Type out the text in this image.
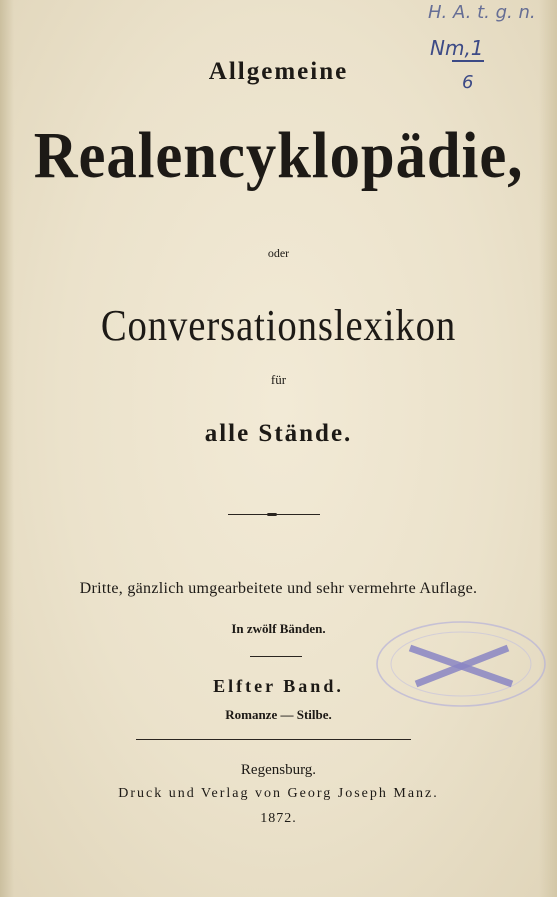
H. A. t. g. n.
Nm,1
6
Allgemeine
Realencyklopädie,
oder
Conversationslexikon
für
alle Stände.
Dritte, gänzlich umgearbeitete und sehr vermehrte Auflage.
In zwölf Bänden.
Elfter Band.
Romanze — Stilbe.
Regensburg.
Druck und Verlag von Georg Joseph Manz.
1872.
